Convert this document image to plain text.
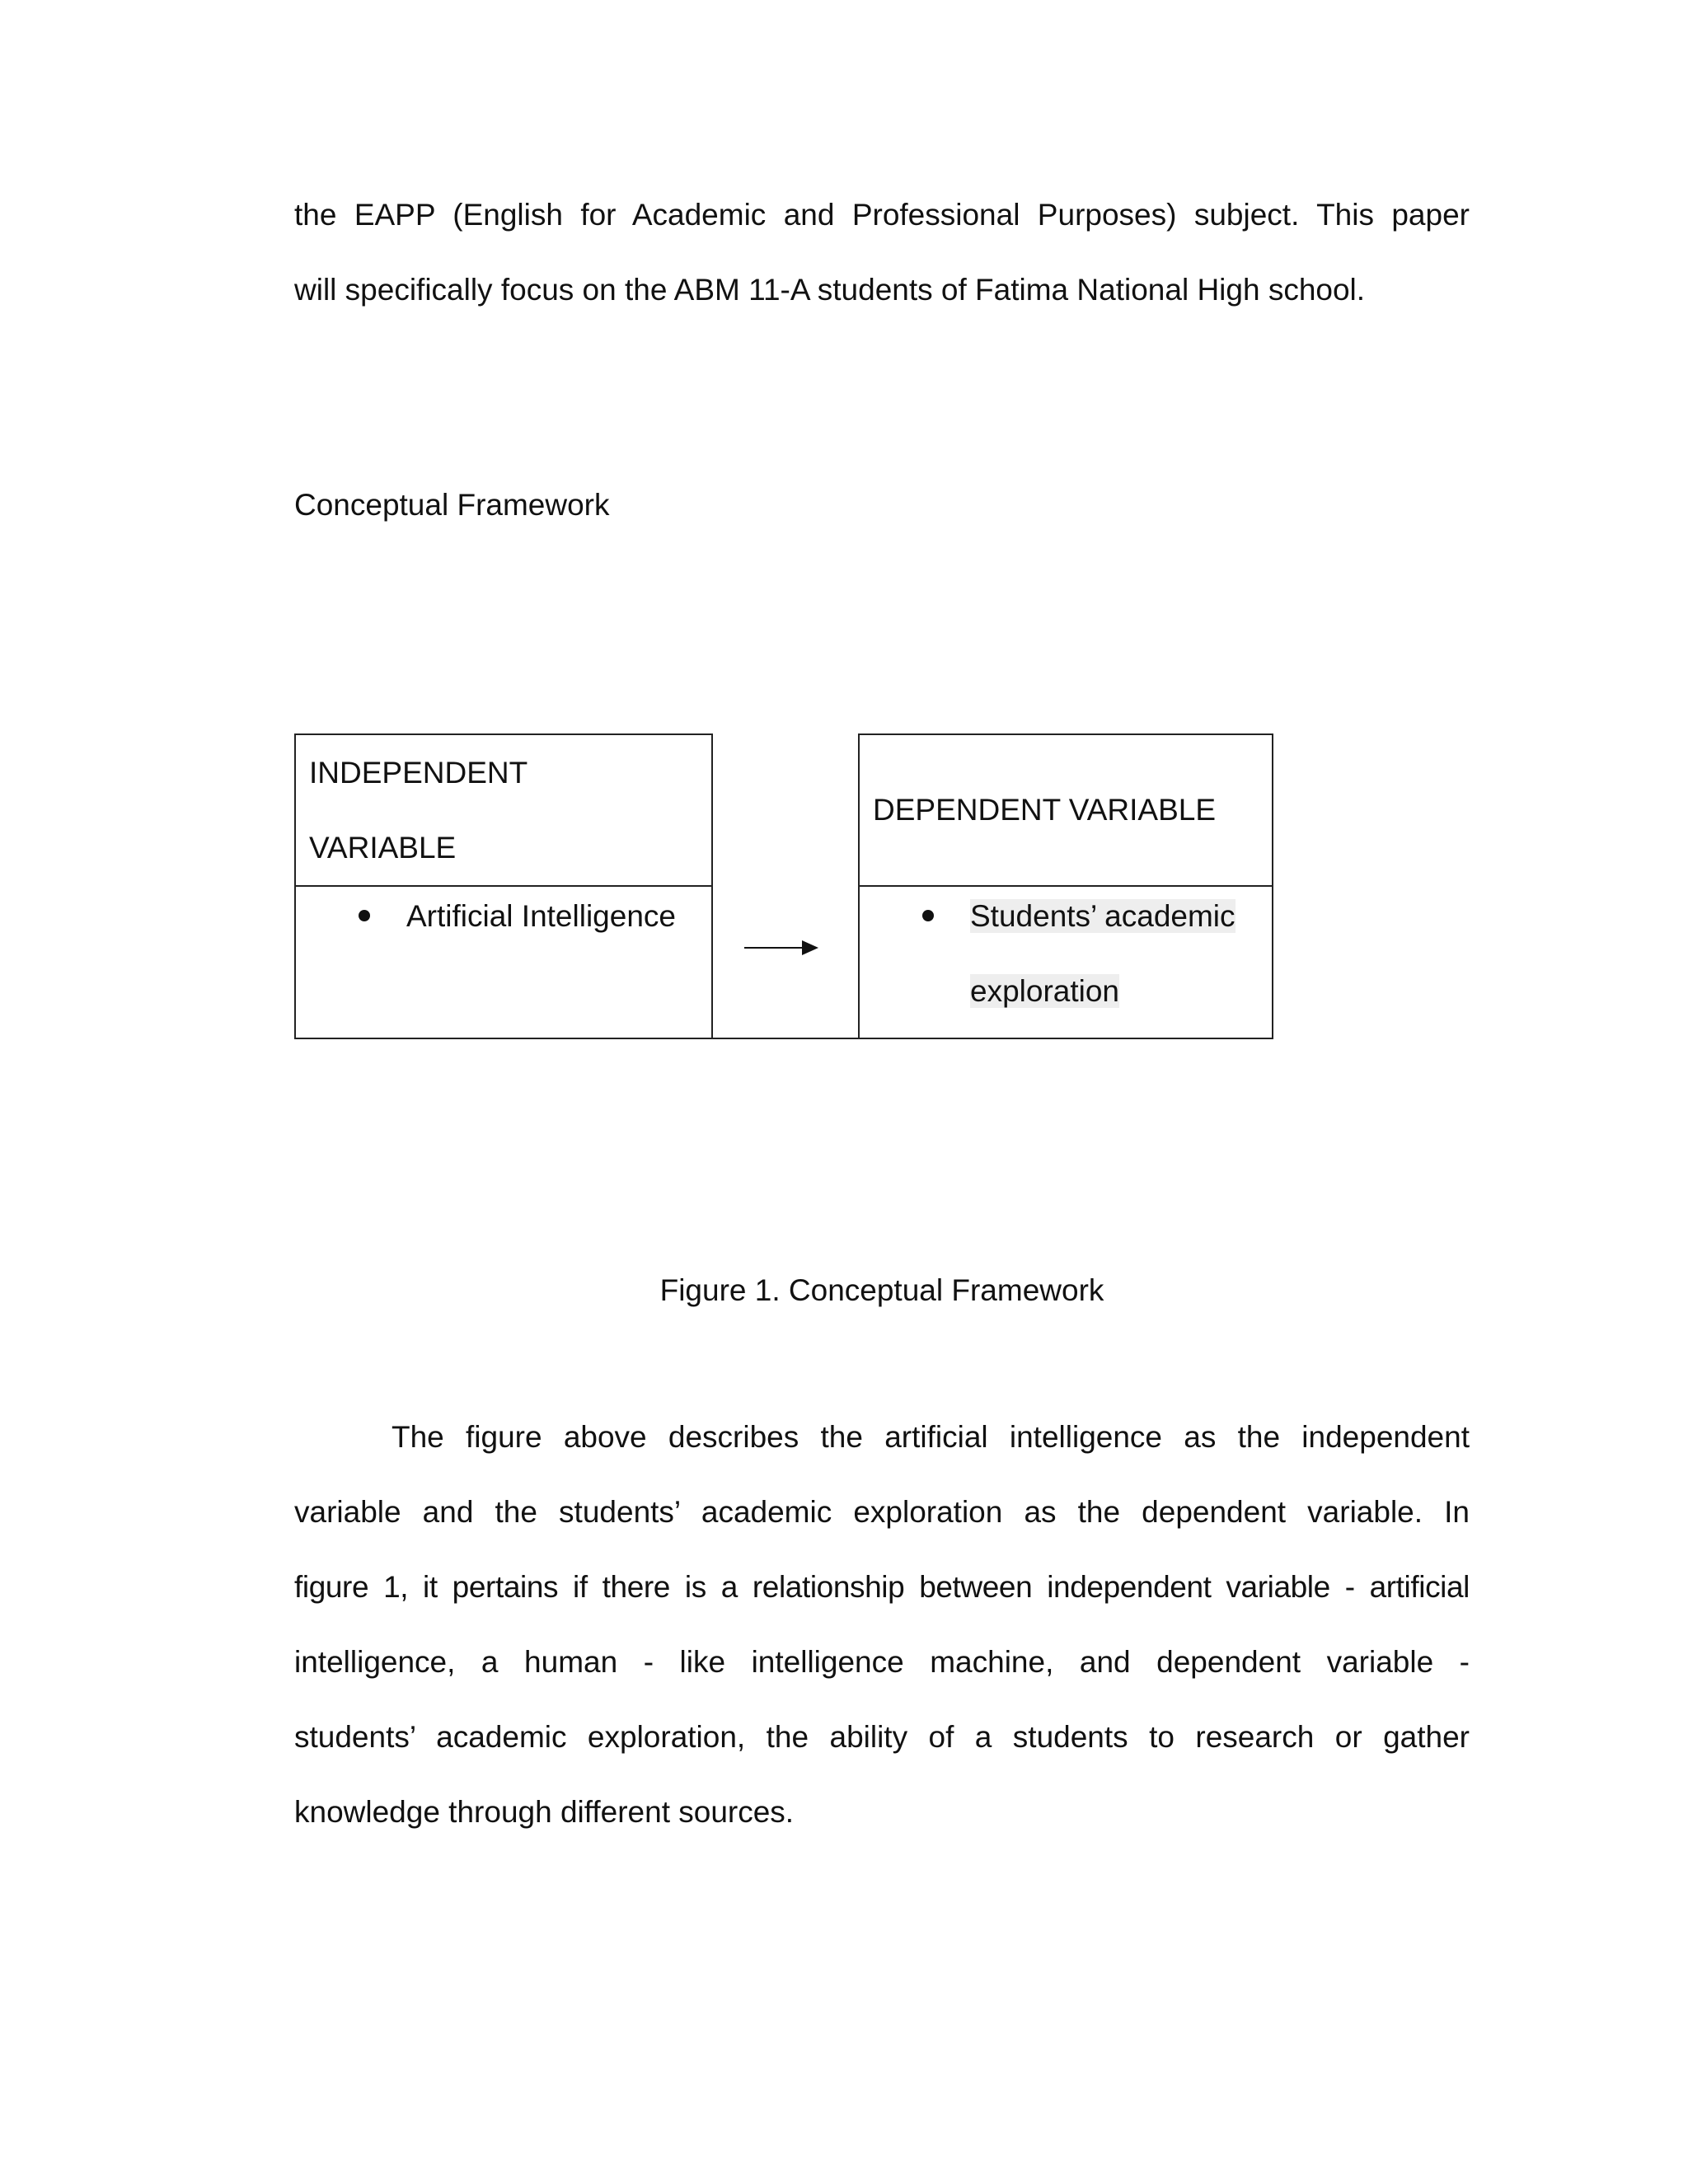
the EAPP (English for Academic and Professional Purposes) subject. This paper
will specifically focus on the ABM 11-A students of Fatima National High school.
Conceptual Framework
INDEPENDENT
VARIABLE
Artificial Intelligence
DEPENDENT VARIABLE
Students’ academic
exploration
Figure 1. Conceptual Framework
The figure above describes the artificial intelligence as the independent
variable and the students’ academic exploration as the dependent variable. In
figure 1, it pertains if there is a relationship between independent variable - artificial
intelligence, a human - like intelligence machine, and dependent variable -
students’ academic exploration, the ability of a students to research or gather
knowledge through different sources.
